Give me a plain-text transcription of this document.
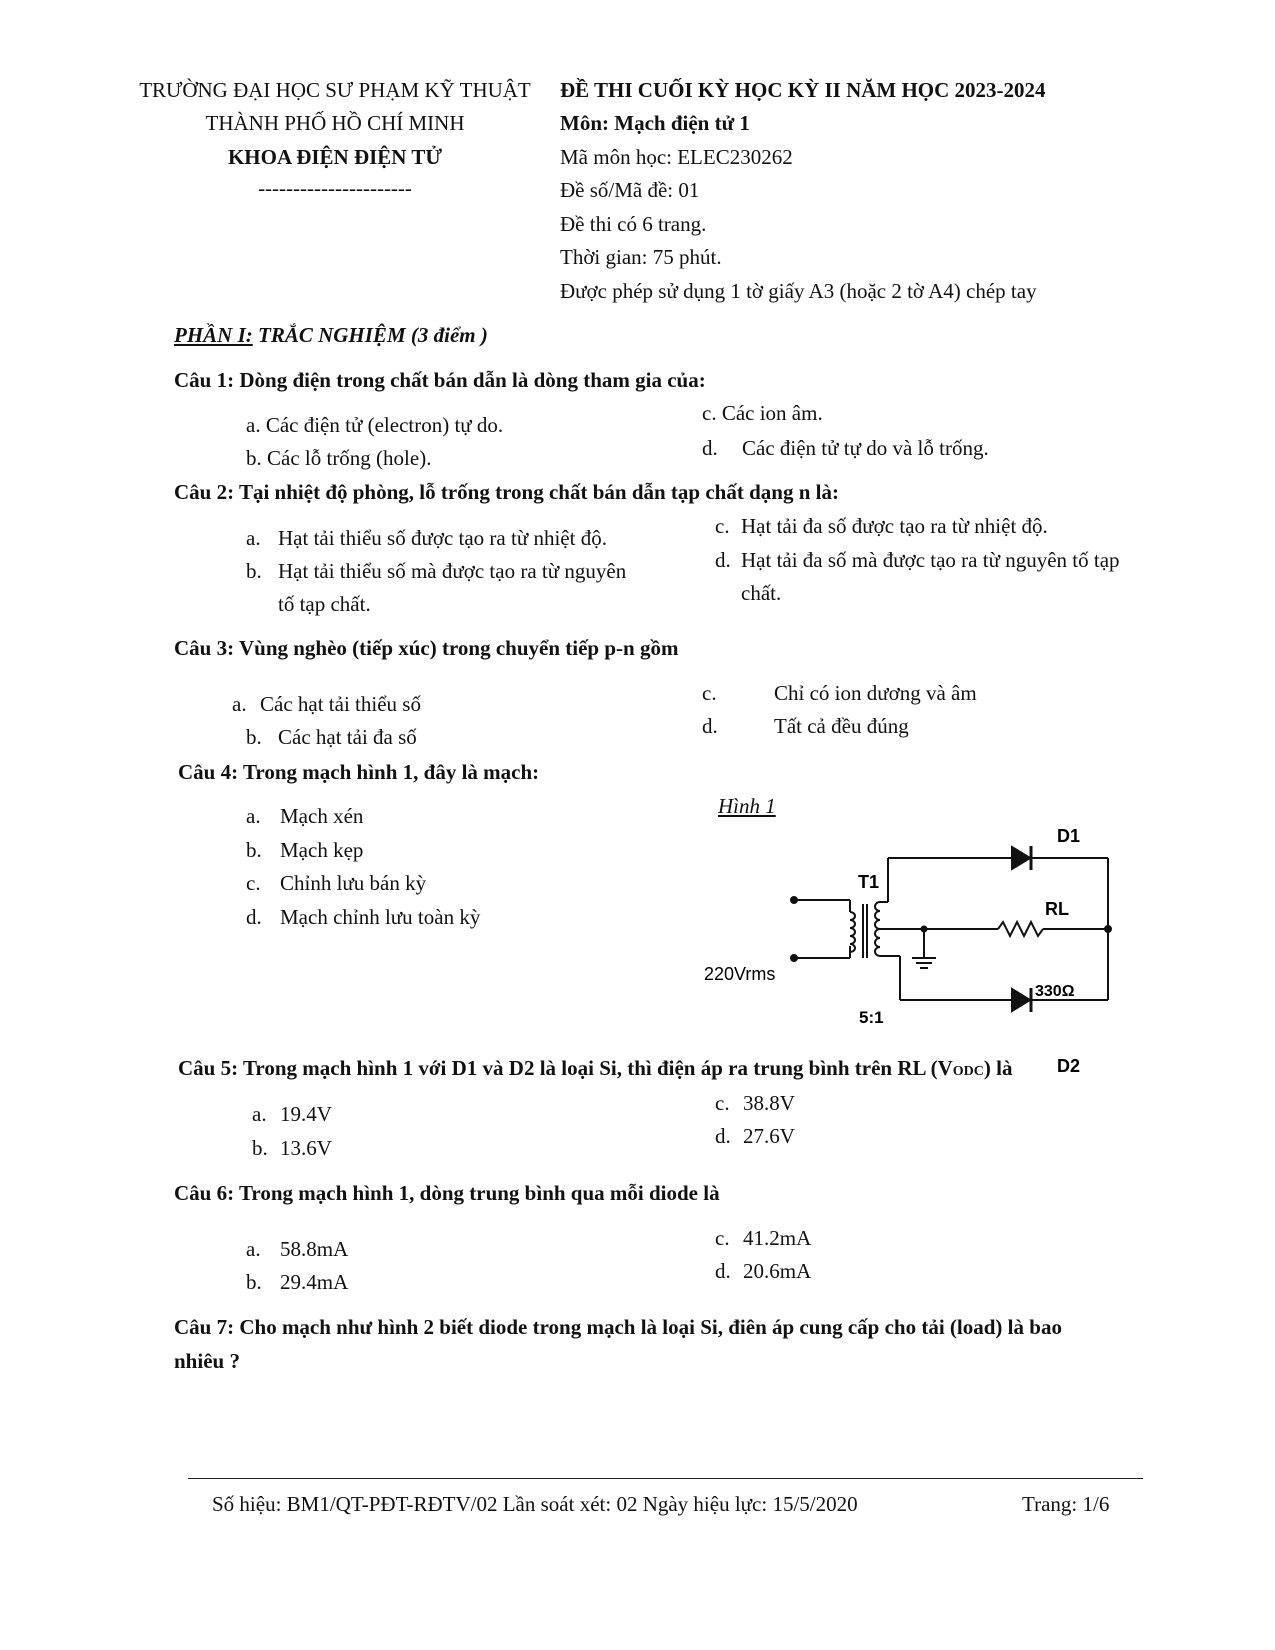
TRƯỜNG ĐẠI HỌC SƯ PHẠM KỸ THUẬT
THÀNH PHỐ HỒ CHÍ MINH
KHOA ĐIỆN ĐIỆN TỬ
----------------------
ĐỀ THI CUỐI KỲ HỌC KỲ II NĂM HỌC 2023-2024
Môn: Mạch điện tử 1
Mã môn học: ELEC230262
Đề số/Mã đề: 01
Đề thi có 6 trang.
Thời gian: 75 phút.
Được phép sử dụng 1 tờ giấy A3 (hoặc 2 tờ A4) chép tay
PHẦN I: TRẮC NGHIỆM (3 điểm )
Câu 1: Dòng điện trong chất bán dẫn là dòng tham gia của:
a. Các điện tử (electron) tự do.
b. Các lỗ trống (hole).
c. Các ion âm.
d. Các điện tử tự do và lỗ trống.
Câu 2: Tại nhiệt độ phòng, lỗ trống trong chất bán dẫn tạp chất dạng n là:
a. Hạt tải thiểu số được tạo ra từ nhiệt độ.
b. Hạt tải thiểu số mà được tạo ra từ nguyên
tố tạp chất.
c. Hạt tải đa số được tạo ra từ nhiệt độ.
d. Hạt tải đa số mà được tạo ra từ nguyên tố tạp
chất.
Câu 3: Vùng nghèo (tiếp xúc) trong chuyển tiếp p-n gồm
a. Các hạt tải thiểu số
b. Các hạt tải đa số
c.	Chỉ có ion dương và âm
d.	Tất cả đều đúng
Câu 4: Trong mạch hình 1, đây là mạch:
a. Mạch xén
b. Mạch kẹp
c. Chỉnh lưu bán kỳ
d. Mạch chỉnh lưu toàn kỳ
Hình 1
D1
D2
T1
RL
330Ω
220Vrms
5:1
Câu 5: Trong mạch hình 1 với D1 và D2 là loại Si, thì điện áp ra trung bình trên RL (VODC) là
a. 19.4V
b. 13.6V
c. 38.8V
d. 27.6V
Câu 6: Trong mạch hình 1, dòng trung bình qua mỗi diode là
a. 58.8mA
b. 29.4mA
c. 41.2mA
d. 20.6mA
Câu 7: Cho mạch như hình 2 biết diode trong mạch là loại Si, điên áp cung cấp cho tải (load) là bao
nhiêu ?
Số hiệu: BM1/QT-PĐT-RĐTV/02 Lần soát xét: 02 Ngày hiệu lực: 15/5/2020	Trang: 1/6
